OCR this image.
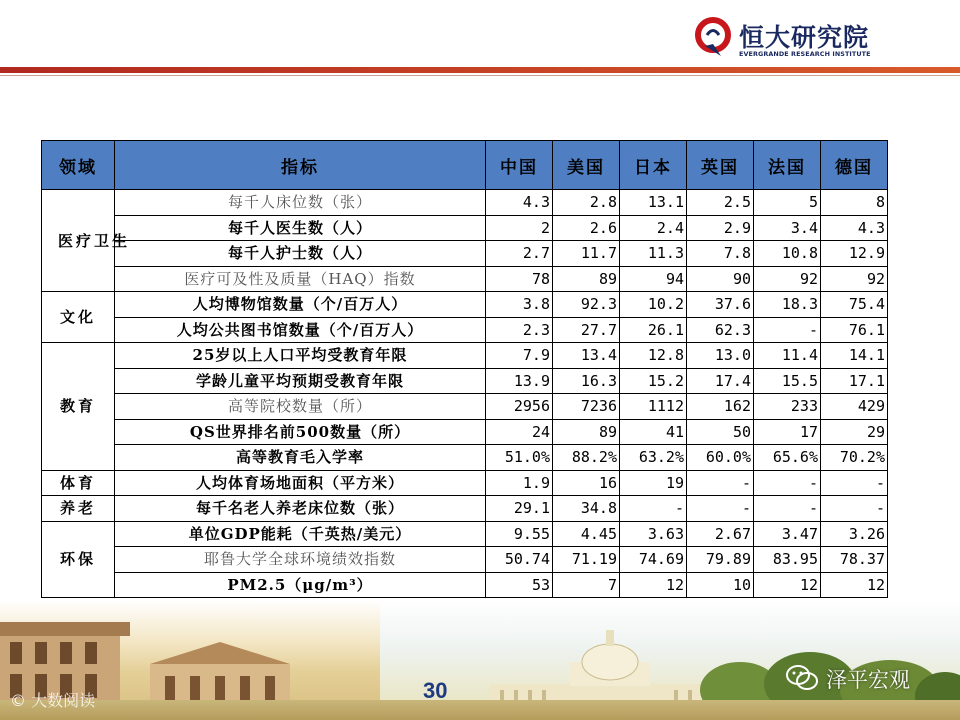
恒大研究院
EVERGRANDE RESEARCH INSTITUTE
领域	指标	中国	美国	日本	英国	法国	德国
医疗卫生	每千人床位数（张）	4.3	2.8	13.1	2.5	5	8
	每千人医生数（人）	2	2.6	2.4	2.9	3.4	4.3
	每千人护士数（人）	2.7	11.7	11.3	7.8	10.8	12.9
	医疗可及性及质量（HAQ）指数	78	89	94	90	92	92
文化	人均博物馆数量（个/百万人）	3.8	92.3	10.2	37.6	18.3	75.4
	人均公共图书馆数量（个/百万人）	2.3	27.7	26.1	62.3	-	76.1
教育	25岁以上人口平均受教育年限	7.9	13.4	12.8	13.0	11.4	14.1
	学龄儿童平均预期受教育年限	13.9	16.3	15.2	17.4	15.5	17.1
	高等院校数量（所）	2956	7236	1112	162	233	429
	QS世界排名前500数量（所）	24	89	41	50	17	29
	高等教育毛入学率	51.0%	88.2%	63.2%	60.0%	65.6%	70.2%
体育	人均体育场地面积（平方米）	1.9	16	19	-	-	-
养老	每千名老人养老床位数（张）	29.1	34.8	-	-	-	-
环保	单位GDP能耗（千英热/美元）	9.55	4.45	3.63	2.67	3.47	3.26
	耶鲁大学全球环境绩效指数	50.74	71.19	74.69	79.89	83.95	78.37
	PM2.5（μg/m³）	53	7	12	10	12	12
30
© 大数阅读
泽平宏观
